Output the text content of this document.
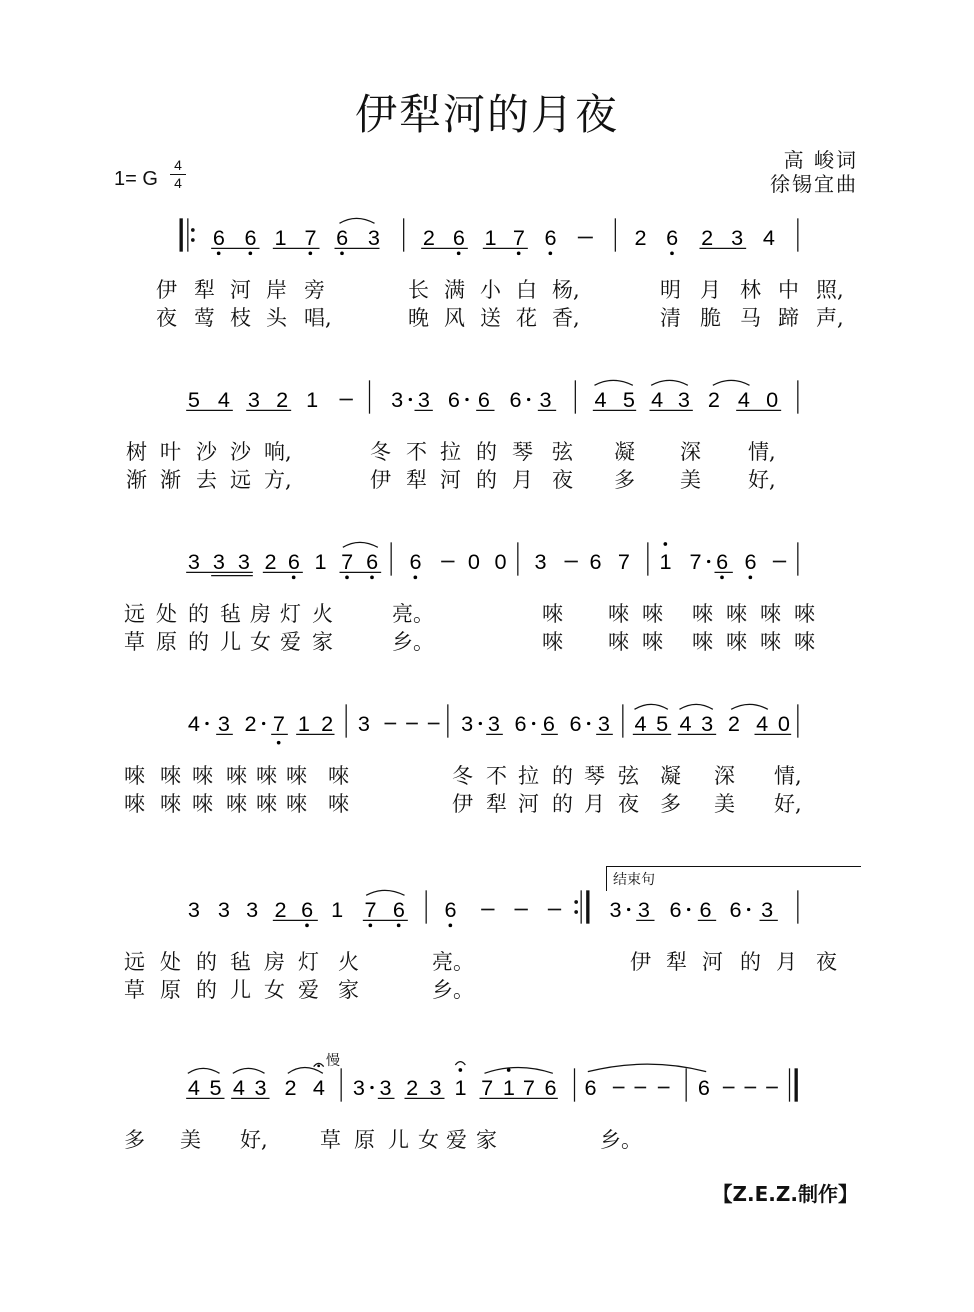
伊犁河的月夜
高 峻词
徐锡宜曲
1= G
4
4
6 6 1 7 6 3 2 6 1 7 6	2 6 2 3 4
伊 犁 河 岸 旁	长 满 小 白 杨,	明 月 林 中 照,
夜 莺 枝 头 唱,	晚 风 送 花 香,	清 脆 马 蹄 声,
5 4 3 2 1	3 3 6 6 6 3 4 5 4 3 2 4 0
树 叶 沙 沙 响,	冬 不 拉 的 琴 弦 凝 深 情,
渐 渐 去 远 方,	伊 犁 河 的 月 夜 多 美 好,
3 3 3 2 6 1 7 6 6 0 0 3 6 7 1 7 6 6
远 处 的 毡 房 灯 火	亮。	唻 唻 唻 唻 唻 唻 唻
草 原 的 儿 女 爱 家	乡。	唻 唻 唻 唻 唻 唻 唻
4 3 2 7 1 2 3	3 3 6 6 6 3 4 5 4 3 2 4 0
唻 唻 唻 唻 唻 唻 唻	冬 不 拉 的 琴 弦 凝 深 情,
唻 唻 唻 唻 唻 唻 唻	伊 犁 河 的 月 夜 多 美 好,
结束句
3 3 3 2 6 1 7 6 6	3 3 6 6 6 3
远 处 的 毡 房 灯 火	亮。	伊 犁 河 的 月 夜
草 原 的 儿 女 爱 家	乡。
慢
4 5 4 3 2 4 3 3 2 3 1 7 1 7 6 6	6
多 美 好, 草 原 儿 女 爱 家	乡。
【Z.E.Z.制作】
